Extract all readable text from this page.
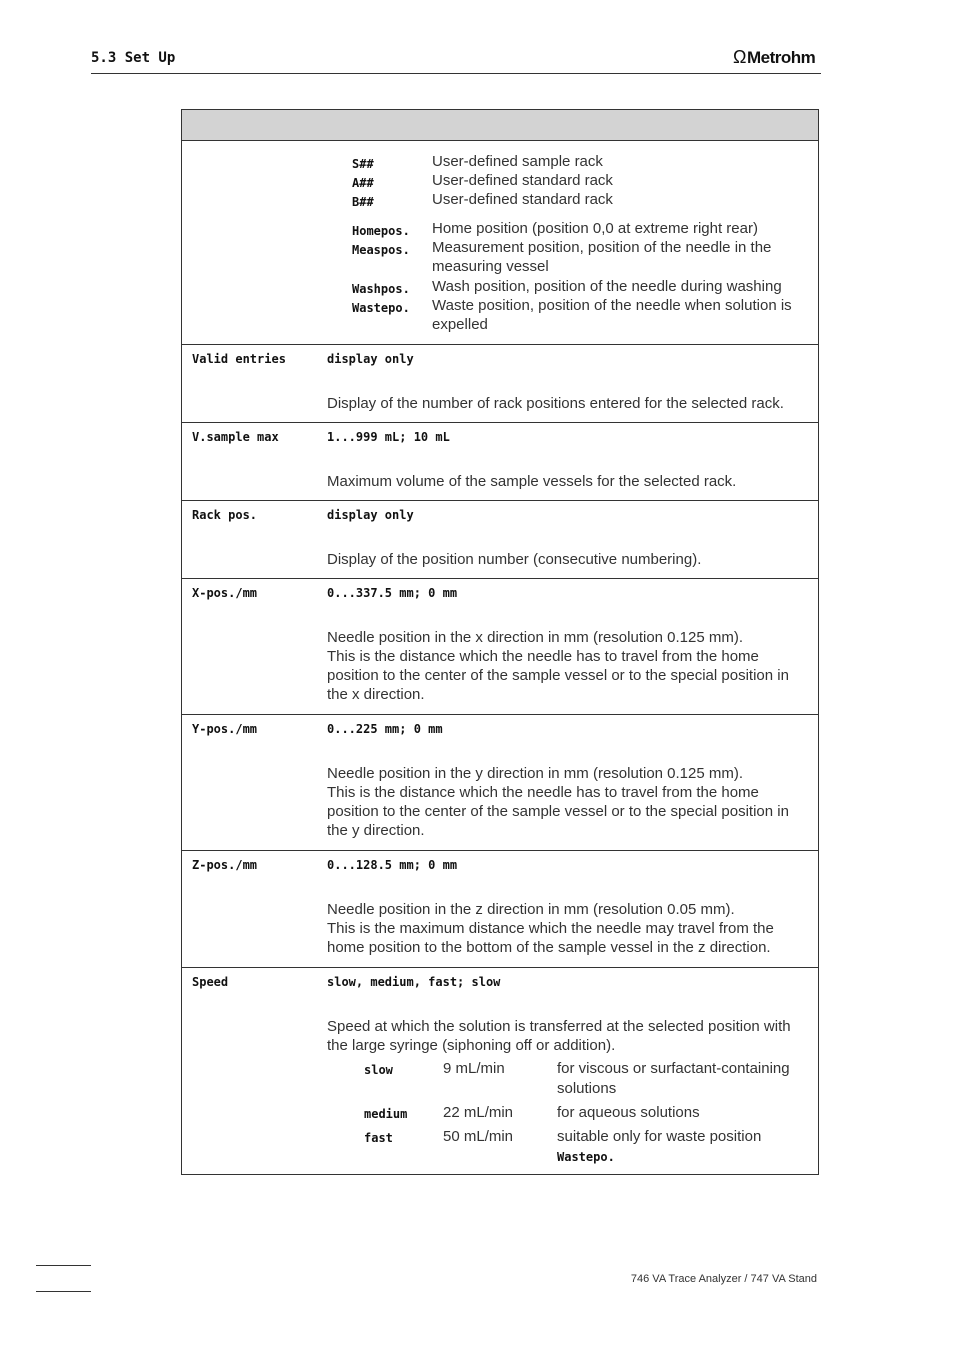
5.3 Set Up	ΩMetrohm
S##	User-defined sample rack
A##	User-defined standard rack
B##	User-defined standard rack
Homepos. Home position (position 0,0 at extreme right rear)
Measpos. Measurement position, position of the needle in the measuring vessel
Washpos. Wash position, position of the needle during washing
Wastepo. Waste position, position of the needle when solution is expelled
Valid entries	display only
Display of the number of rack positions entered for the selected rack.
V.sample max	1...999 mL; 10 mL
Maximum volume of the sample vessels for the selected rack.
Rack pos.	display only
Display of the position number (consecutive numbering).
X-pos./mm	0...337.5 mm; 0 mm
Needle position in the x direction in mm (resolution 0.125 mm).
This is the distance which the needle has to travel from the home position to the center of the sample vessel or to the special position in the x direction.
Y-pos./mm	0...225 mm; 0 mm
Needle position in the y direction in mm (resolution 0.125 mm).
This is the distance which the needle has to travel from the home position to the center of the sample vessel or to the special position in the y direction.
Z-pos./mm	0...128.5 mm; 0 mm
Needle position in the z direction in mm (resolution 0.05 mm).
This is the maximum distance which the needle may travel from the home position to the bottom of the sample vessel in the z direction.
Speed	slow, medium, fast; slow
Speed at which the solution is transferred at the selected position with the large syringe (siphoning off or addition).
slow	9 mL/min	for viscous or surfactant-containing solutions
medium 22 mL/min	for aqueous solutions
fast	50 mL/min	suitable only for waste position
Wastepo.
746 VA Trace Analyzer / 747 VA Stand
